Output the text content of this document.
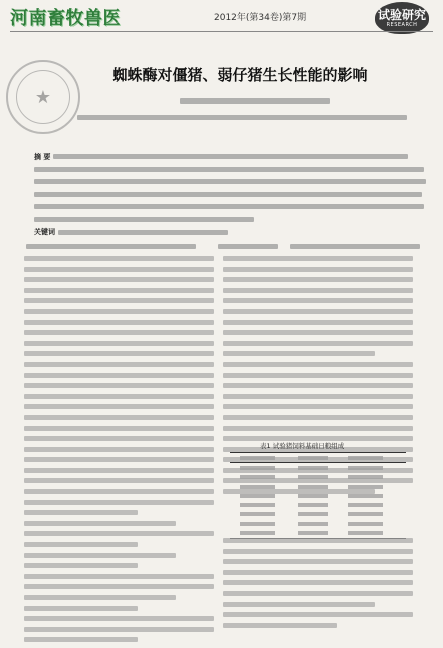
河南畜牧兽医	2012年(第34卷)第7期	试验研究
RESEARCH
★
蜘蛛酶对僵猪、弱仔猪生长性能的影响
摘 要
关键词

表1 试验猪饲料基础日粮组成
